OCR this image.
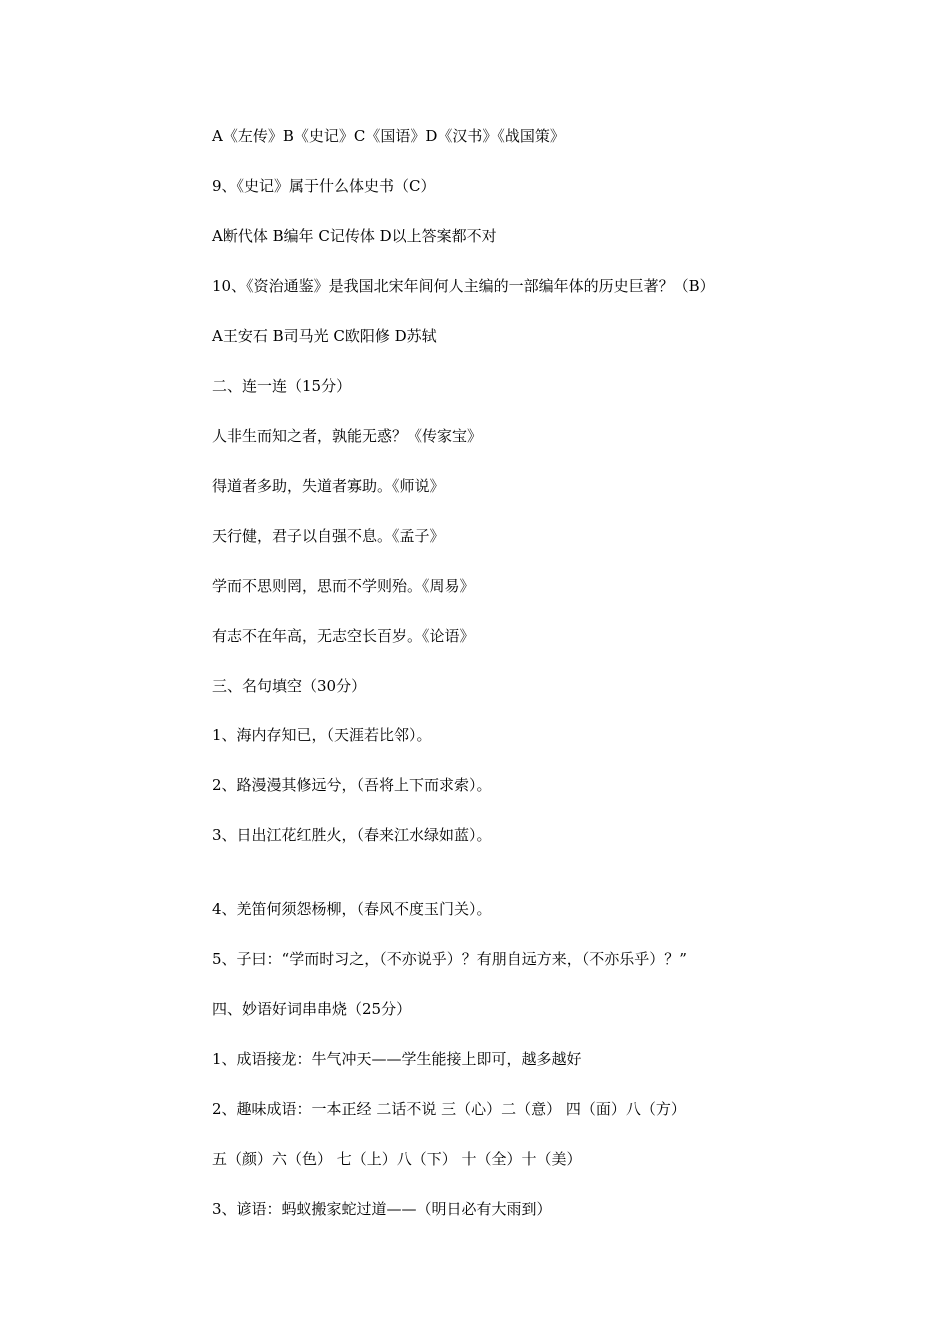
A《左传》B《史记》C《国语》D《汉书》《战国策》
9、《史记》属于什么体史书（C）
A断代体 B编年 C记传体 D以上答案都不对
10、《资治通鉴》是我国北宋年间何人主编的一部编年体的历史巨著？（B）
A王安石 B司马光 C欧阳修 D苏轼
二、连一连（15分）
人非生而知之者，孰能无惑？《传家宝》
得道者多助，失道者寡助。《师说》
天行健，君子以自强不息。《孟子》
学而不思则罔，思而不学则殆。《周易》
有志不在年高，无志空长百岁。《论语》
三、名句填空（30分）
1、海内存知已，（天涯若比邻）。
2、路漫漫其修远兮，（吾将上下而求索）。
3、日出江花红胜火，（春来江水绿如蓝）。
4、羌笛何须怨杨柳，（春风不度玉门关）。
5、子曰：“学而时习之，（不亦说乎）？有朋自远方来，（不亦乐乎）？”
四、妙语好词串串烧（25分）
1、成语接龙：牛气冲天——学生能接上即可，越多越好
2、趣味成语：一本正经 二话不说 三（心）二（意） 四（面）八（方）
五（颜）六（色） 七（上）八（下） 十（全）十（美）
3、谚语：蚂蚁搬家蛇过道——（明日必有大雨到）
